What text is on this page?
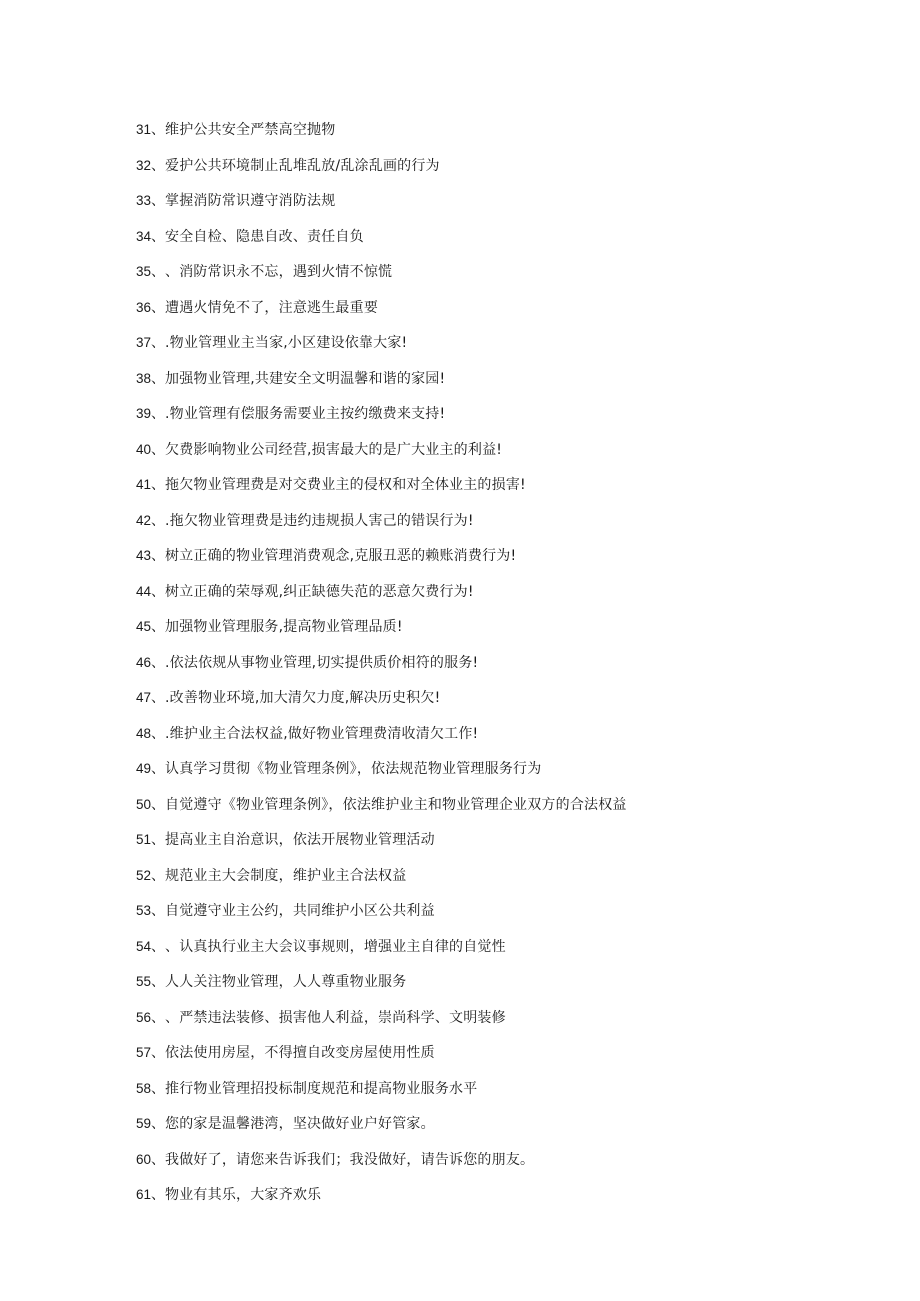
31 、 维护公共安全严禁高空抛物
32 、 爱护公共环境制止乱堆乱放/乱涂乱画的行为
33 、 掌握消防常识遵守消防法规
34 、 安全自检、隐患自改、责任自负
35 、 、消防常识永不忘，遇到火情不惊慌
36 、 遭遇火情免不了，注意逃生最重要
37 、 .物业管理业主当家,小区建设依靠大家!
38 、 加强物业管理,共建安全文明温馨和谐的家园!
39 、 .物业管理有偿服务需要业主按约缴费来支持!
40 、 欠费影响物业公司经营,损害最大的是广大业主的利益!
41 、 拖欠物业管理费是对交费业主的侵权和对全体业主的损害!
42 、 .拖欠物业管理费是违约违规损人害己的错误行为!
43 、 树立正确的物业管理消费观念,克服丑恶的赖账消费行为!
44 、 树立正确的荣辱观,纠正缺德失范的恶意欠费行为!
45 、 加强物业管理服务,提高物业管理品质!
46 、 .依法依规从事物业管理,切实提供质价相符的服务!
47 、 .改善物业环境,加大清欠力度,解决历史积欠!
48 、 .维护业主合法权益,做好物业管理费清收清欠工作!
49 、 认真学习贯彻《物业管理条例》，依法规范物业管理服务行为
50 、 自觉遵守《物业管理条例》，依法维护业主和物业管理企业双方的合法权益
51 、 提高业主自治意识，依法开展物业管理活动
52 、 规范业主大会制度，维护业主合法权益
53 、 自觉遵守业主公约，共同维护小区公共利益
54 、 、认真执行业主大会议事规则，增强业主自律的自觉性
55 、 人人关注物业管理，人人尊重物业服务
56 、 、严禁违法装修、损害他人利益，崇尚科学、文明装修
57 、 依法使用房屋，不得擅自改变房屋使用性质
58 、 推行物业管理招投标制度规范和提高物业服务水平
59 、 您的家是温馨港湾，坚决做好业户好管家。
60 、 我做好了，请您来告诉我们；我没做好，请告诉您的朋友。
61 、 物业有其乐，大家齐欢乐
